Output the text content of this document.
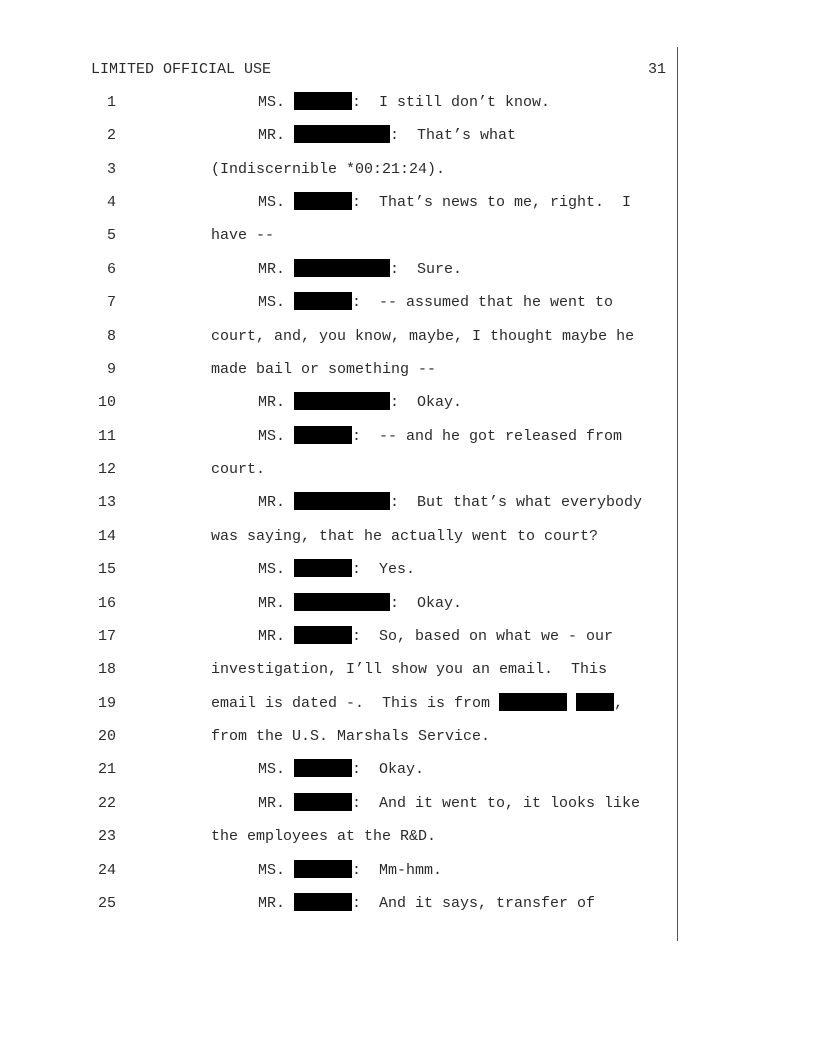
LIMITED OFFICIAL USE	31
1	MS.	:  I still don’t know.
2	MR.	:  That’s what
3	(Indiscernible *00:21:24).
4	MS.	:  That’s news to me, right.  I
5	have --
6	MR.	:  Sure.
7	MS.	:  -- assumed that he went to
8	court, and, you know, maybe, I thought maybe he
9	made bail or something --
10	MR.	:  Okay.
11	MS.	:  -- and he got released from
12	court.
13	MR.	:  But that’s what everybody
14	was saying, that he actually went to court?
15	MS.	:  Yes.
16	MR.	:  Okay.
17	MR.	:  So, based on what we - our
18	investigation, I’ll show you an email.  This
19	email is dated -.  This is from	,
20	from the U.S. Marshals Service.
21	MS.	:  Okay.
22	MR.	:  And it went to, it looks like
23	the employees at the R&D.
24	MS.	:  Mm-hmm.
25	MR.	:  And it says, transfer of
